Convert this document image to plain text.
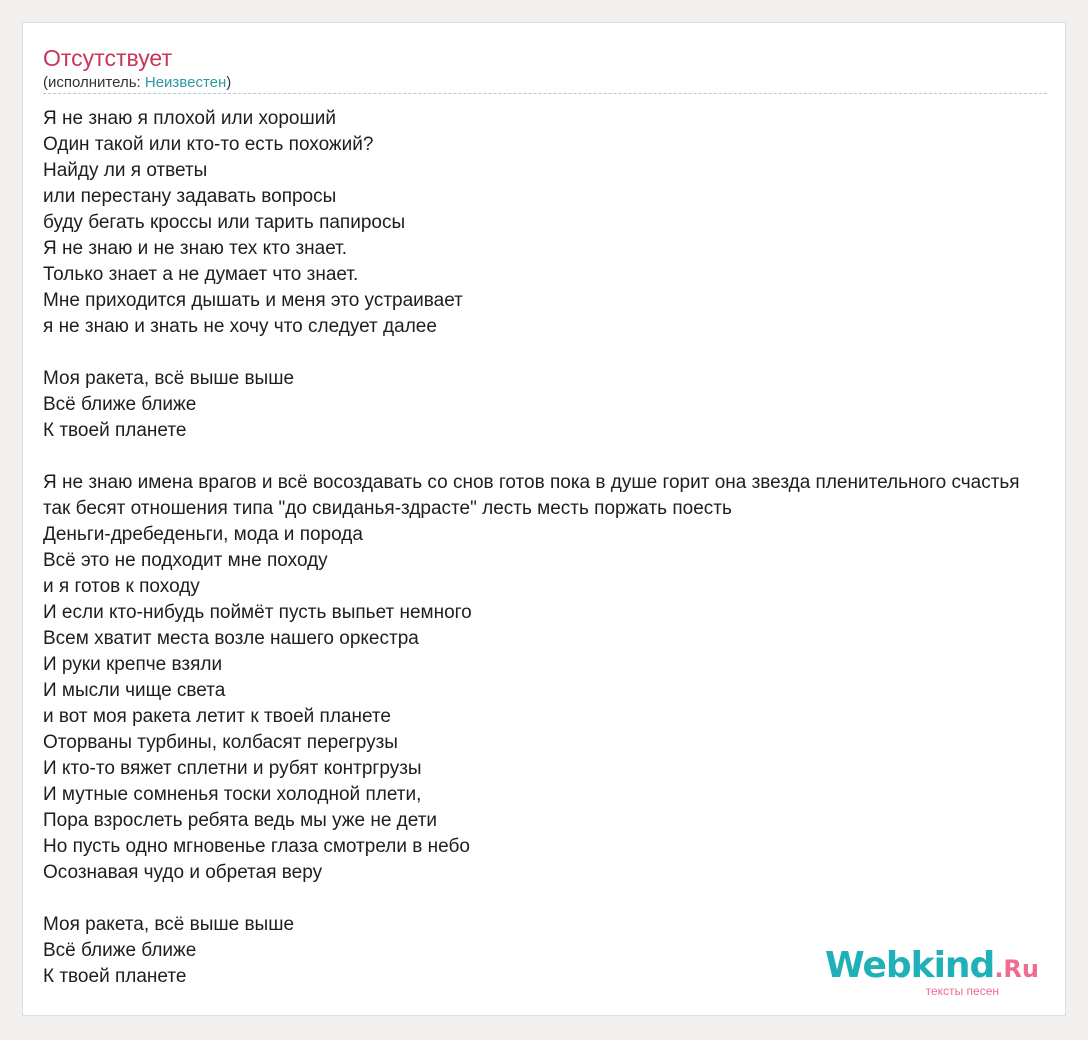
Отсутствует
(исполнитель: Неизвестен)
Я не знаю я плохой или хороший
Один такой или кто-то есть похожий?
Найду ли я ответы
или перестану задавать вопросы
буду бегать кроссы или тарить папиросы
Я не знаю и не знаю тех кто знает.
Только знает а не думает что знает.
Мне приходится дышать и меня это устраивает
я не знаю и знать не хочу что следует далее
Моя ракета, всё выше выше
Всё ближе ближе
К твоей планете
Я не знаю имена врагов и всё восоздавать со снов готов пока в душе горит она звезда пленительного счастья
так бесят отношения типа "до свиданья-здрасте" лесть месть поржать поесть
Деньги-дребеденьги, мода и порода
Всё это не подходит мне походу
и я готов к походу
И если кто-нибудь поймёт пусть выпьет немного
Всем хватит места возле нашего оркестра
И руки крепче взяли
И мысли чище света
и вот моя ракета летит к твоей планете
Оторваны турбины, колбасят перегрузы
И кто-то вяжет сплетни и рубят контргрузы
И мутные сомненья тоски холодной плети,
Пора взрослеть ребята ведь мы уже не дети
Но пусть одно мгновенье глаза смотрели в небо
Осознавая чудо и обретая веру
Моя ракета, всё выше выше
Всё ближе ближе
К твоей планете	Webkind.Ru
тексты песен
